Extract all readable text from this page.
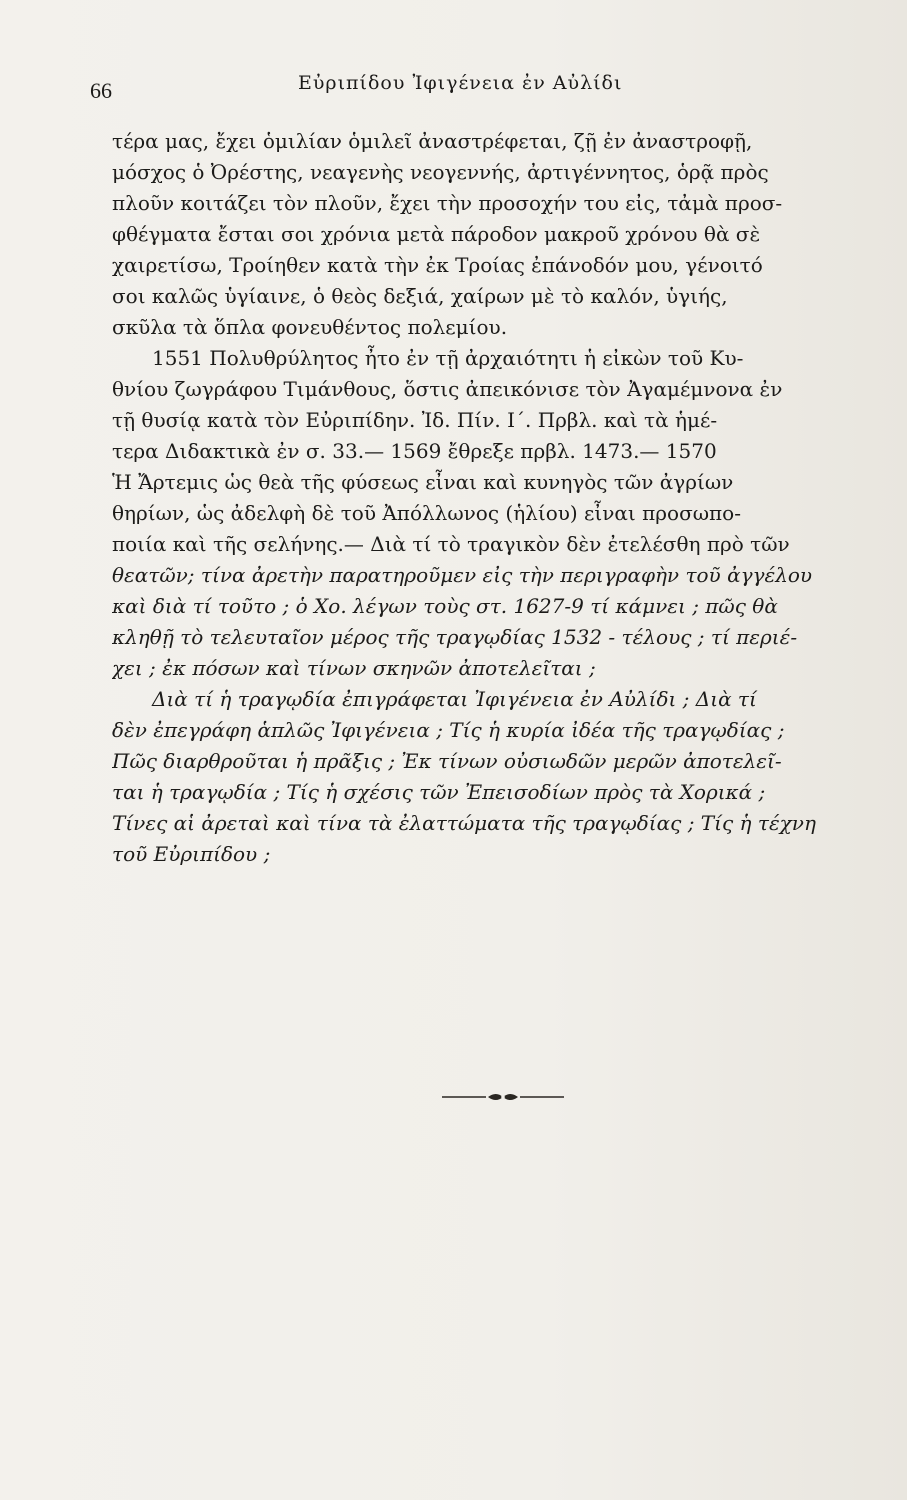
66	Εὐριπίδου Ἰφιγένεια ἐν Αὐλίδι
τέρα μας, ἔχει ὁμιλίαν ὁμιλεῖ ἀναστρέφεται, ζῇ ἐν ἀναστροφῇ,
μόσχος ὁ Ὀρέστης, νεαγενὴς νεογεννής, ἀρτιγέννητος, ὁρᾷ πρὸς
πλοῦν κοιτάζει τὸν πλοῦν, ἔχει τὴν προσοχήν του εἰς, τἀμὰ προσ-
φθέγματα ἔσται σοι χρόνια μετὰ πάροδον μακροῦ χρόνου θὰ σὲ
χαιρετίσω, Τροίηθεν κατὰ τὴν ἐκ Τροίας ἐπάνοδόν μου, γένοιτό
σοι καλῶς ὑγίαινε, ὁ θεὸς δεξιά, χαίρων μὲ τὸ καλόν, ὑγιής,
σκῦλα τὰ ὅπλα φονευθέντος πολεμίου.
1551 Πολυθρύλητος ἦτο ἐν τῇ ἀρχαιότητι ἡ εἰκὼν τοῦ Κυ-
θνίου ζωγράφου Τιμάνθους, ὅστις ἀπεικόνισε τὸν Ἀγαμέμνονα ἐν
τῇ θυσίᾳ κατὰ τὸν Εὐριπίδην. Ἰδ. Πίν. Ι΄. Πρβλ. καὶ τὰ ἡμέ-
τερα Διδακτικὰ ἐν σ. 33.— 1569 ἔθρεξε πρβλ. 1473.— 1570
Ἡ Ἄρτεμις ὡς θεὰ τῆς φύσεως εἶναι καὶ κυνηγὸς τῶν ἀγρίων
θηρίων, ὡς ἀδελφὴ δὲ τοῦ Ἀπόλλωνος (ἡλίου) εἶναι προσωπο-
ποιία καὶ τῆς σελήνης.— Διὰ τί τὸ τραγικὸν δὲν ἐτελέσθη πρὸ τῶν
θεατῶν; τίνα ἀρετὴν παρατηροῦμεν εἰς τὴν περιγραφὴν τοῦ ἀγγέλου
καὶ διὰ τί τοῦτο ; ὁ Χο. λέγων τοὺς στ. 1627-9 τί κάμνει ; πῶς θὰ
κληθῇ τὸ τελευταῖον μέρος τῆς τραγῳδίας 1532 - τέλους ; τί περιέ-
χει ; ἐκ πόσων καὶ τίνων σκηνῶν ἀποτελεῖται ;
Διὰ τί ἡ τραγῳδία ἐπιγράφεται Ἰφιγένεια ἐν Αὐλίδι ; Διὰ τί
δὲν ἐπεγράφη ἁπλῶς Ἰφιγένεια ; Τίς ἡ κυρία ἰδέα τῆς τραγῳδίας ;
Πῶς διαρθροῦται ἡ πρᾶξις ; Ἐκ τίνων οὐσιωδῶν μερῶν ἀποτελεῖ-
ται ἡ τραγῳδία ; Τίς ἡ σχέσις τῶν Ἐπεισοδίων πρὸς τὰ Χορικά ;
Τίνες αἱ ἀρεταὶ καὶ τίνα τὰ ἐλαττώματα τῆς τραγῳδίας ; Τίς ἡ τέχνη
τοῦ Εὐριπίδου ;
